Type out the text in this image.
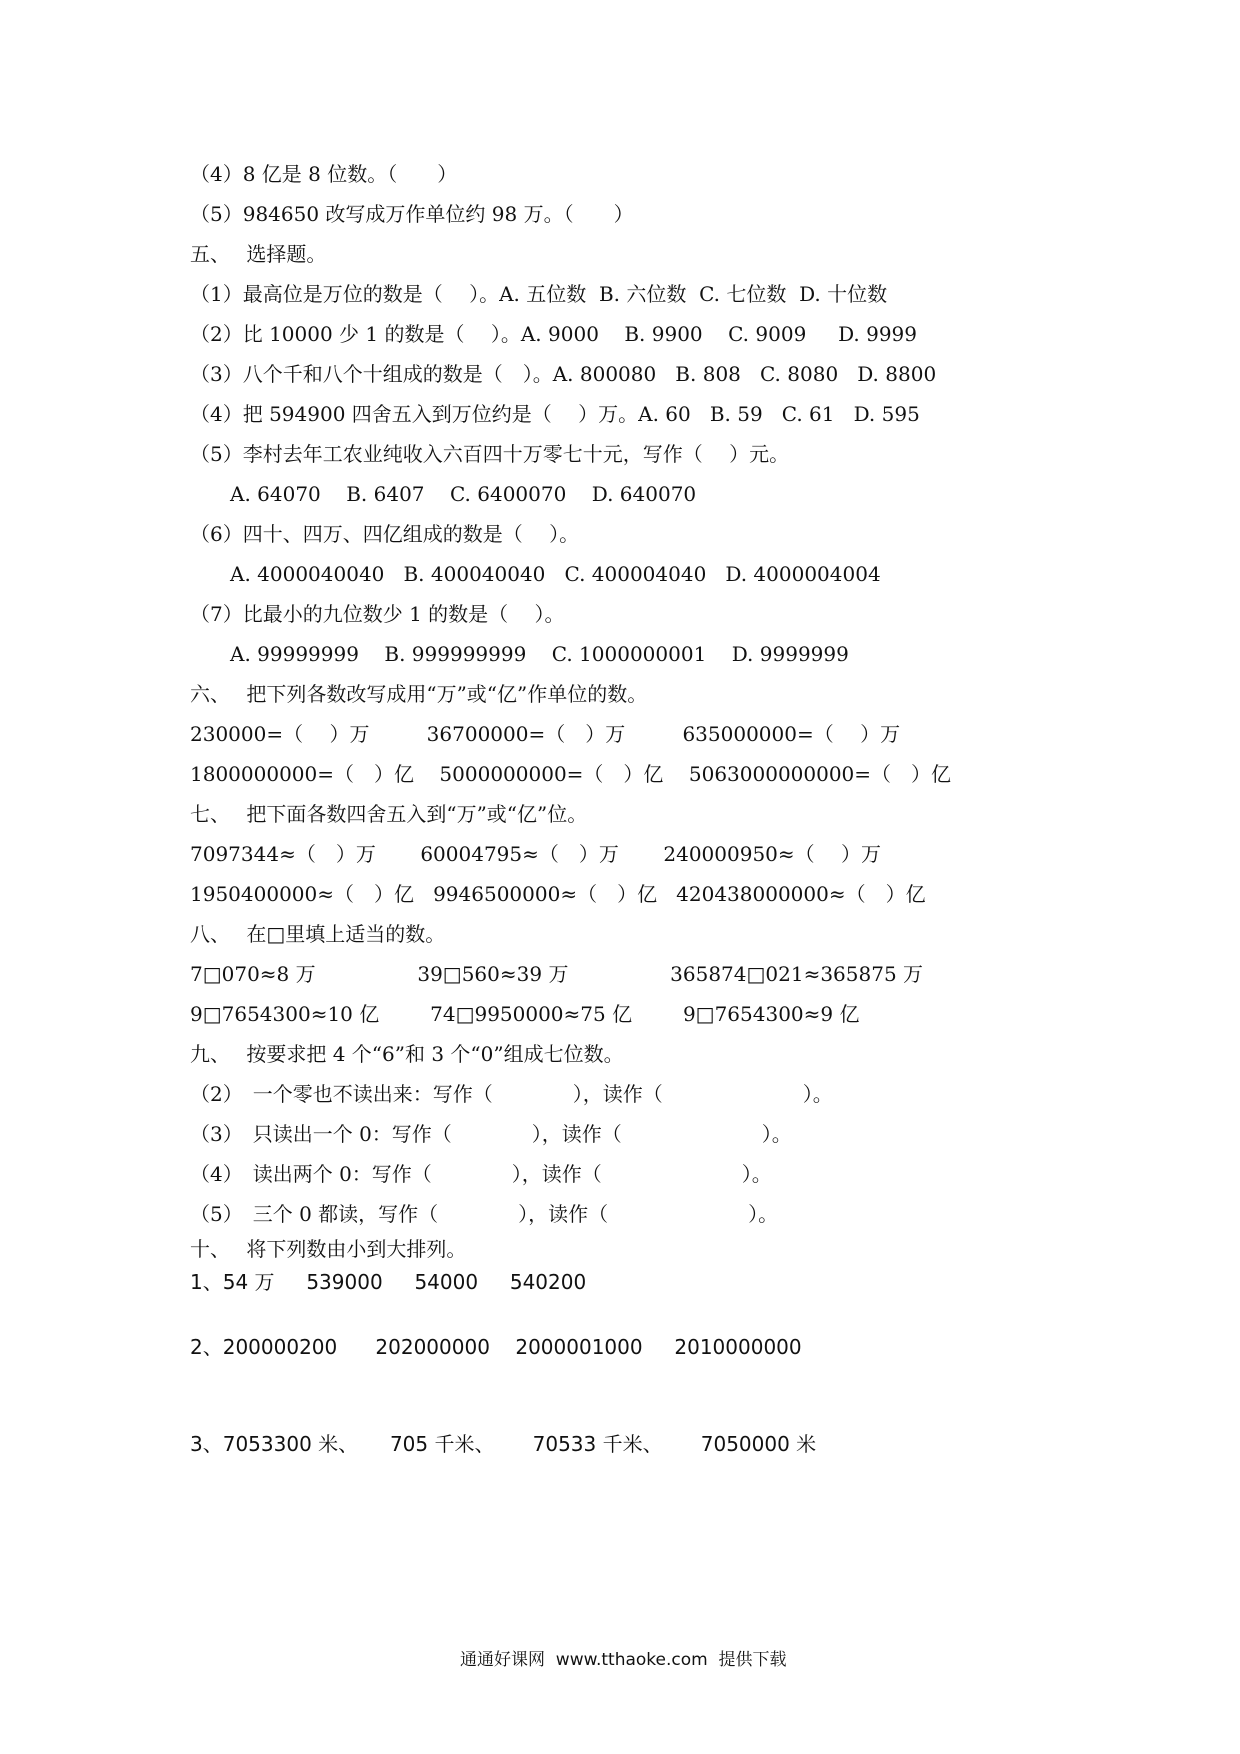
（4）8 亿是 8 位数。（　　）
（5）984650 改写成万作单位约 98 万。（　　）
五、　 选择题。
（1）最高位是万位的数是（　 ）。A. 五位数  B. 六位数  C. 七位数  D. 十位数
（2）比 10000 少 1 的数是（　 ）。A. 9000    B. 9900    C. 9009     D. 9999
（3）八个千和八个十组成的数是（　）。A. 800080   B. 808   C. 8080   D. 8800
（4）把 594900 四舍五入到万位约是（　 ）万。A. 60   B. 59   C. 61   D. 595
（5）李村去年工农业纯收入六百四十万零七十元，写作（　 ）元。
A. 64070    B. 6407    C. 6400070    D. 640070
（6）四十、四万、四亿组成的数是（　 ）。
A. 4000040040   B. 400040040   C. 400004040   D. 4000004004
（7）比最小的九位数少 1 的数是（　 ）。
A. 99999999    B. 999999999    C. 1000000001    D. 9999999
六、　 把下列各数改写成用“万”或“亿”作单位的数。
230000=（　 ）万         36700000=（　）万         635000000=（　 ）万
1800000000=（　）亿    5000000000=（　）亿    5063000000000=（　）亿
七、　 把下面各数四舍五入到“万”或“亿”位。
7097344≈（　）万       60004795≈（　）万       240000950≈（　 ）万
1950400000≈（　）亿   9946500000≈（　）亿   420438000000≈（　）亿
八、　 在□里填上适当的数。
7□070≈8 万                39□560≈39 万                365874□021≈365875 万
9□7654300≈10 亿        74□9950000≈75 亿        9□7654300≈9 亿
九、　 按要求把 4 个“6”和 3 个“0”组成七位数。
（2）　一个零也不读出来：写作（　　　　），读作（　　　　　　　）。
（3）　只读出一个 0：写作（　　　　），读作（　　　　　　　）。
（4）　读出两个 0：写作（　　　　），读作（　　　　　　　）。
（5）　三个 0 都读，写作（　　　　），读作（　　　　　　　）。
十、　 将下列数由小到大排列。
1、54 万     539000     54000     540200
2、200000200      202000000    2000001000     2010000000
3、7053300 米、     705 千米、      70533 千米、      7050000 米
通通好课网  www.tthaoke.com  提供下载
